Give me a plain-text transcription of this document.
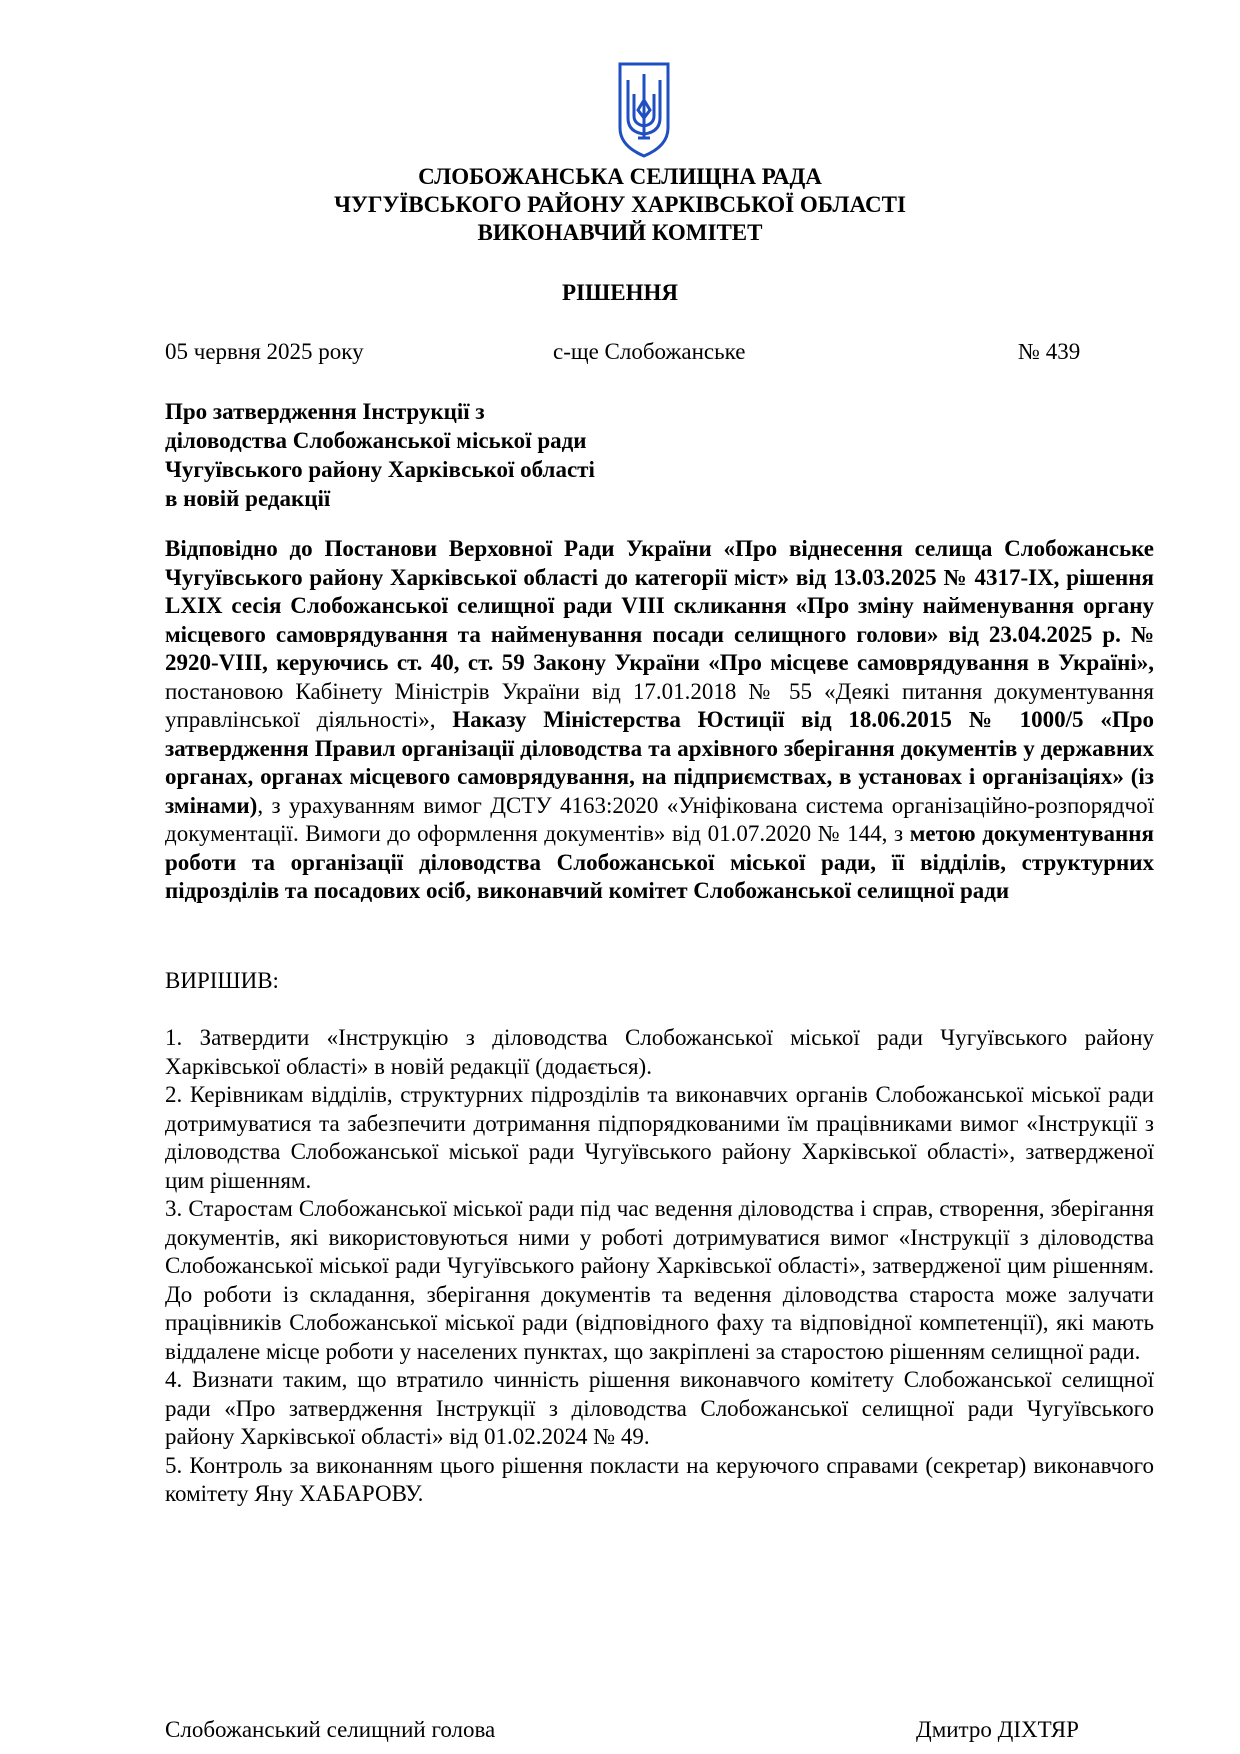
СЛОБОЖАНСЬКА СЕЛИЩНА РАДА
ЧУГУЇВСЬКОГО РАЙОНУ ХАРКІВСЬКОЇ ОБЛАСТІ
ВИКОНАВЧИЙ КОМІТЕТ
РІШЕННЯ
05 червня 2025 року	с-ще Слобожанське	№ 439
Про затвердження Інструкції з
діловодства Слобожанської міської ради
Чугуївського району Харківської області
в новій редакції

Відповідно до Постанови Верховної Ради України «Про віднесення селища Слобожанське Чугуївського району Харківської області до категорії міст» від 13.03.2025 № 4317-IX, рішення LXIX сесія Слобожанської селищної ради VIII скликання «Про зміну найменування органу місцевого самоврядування та найменування посади селищного голови» від 23.04.2025 р. № 2920-VIII, керуючись ст. 40, ст. 59 Закону України «Про місцеве самоврядування в Україні», постановою Кабінету Міністрів України від 17.01.2018 № 55 «Деякі питання документування управлінської діяльності», Наказу Міністерства Юстиції від 18.06.2015 № 1000/5 «Про затвердження Правил організації діловодства та архівного зберігання документів у державних органах, органах місцевого самоврядування, на підприємствах, в установах і організаціях» (із змінами), з урахуванням вимог ДСТУ 4163:2020 «Уніфікована система організаційно-розпорядчої документації. Вимоги до оформлення документів» від 01.07.2020 № 144, з метою документування роботи та організації діловодства Слобожанської міської ради, її відділів, структурних підрозділів та посадових осіб, виконавчий комітет Слобожанської селищної ради

ВИРІШИВ:

1. Затвердити «Інструкцію з діловодства Слобожанської міської ради Чугуївського району Харківської області» в новій редакції (додається).

2. Керівникам відділів, структурних підрозділів та виконавчих органів Слобожанської міської ради дотримуватися та забезпечити дотримання підпорядкованими їм працівниками вимог «Інструкції з діловодства Слобожанської міської ради Чугуївського району Харківської області», затвердженої цим рішенням.

3. Старостам Слобожанської міської ради під час ведення діловодства і справ, створення, зберігання документів, які використовуються ними у роботі дотримуватися вимог «Інструкції з діловодства Слобожанської міської ради Чугуївського району Харківської області», затвердженої цим рішенням. До роботи із складання, зберігання документів та ведення діловодства староста може залучати працівників Слобожанської міської ради (відповідного фаху та відповідної компетенції), які мають віддалене місце роботи у населених пунктах, що закріплені за старостою рішенням селищної ради.

4. Визнати таким, що втратило чинність рішення виконавчого комітету Слобожанської селищної ради «Про затвердження Інструкції з діловодства Слобожанської селищної ради Чугуївського району Харківської області» від 01.02.2024 № 49.

5. Контроль за виконанням цього рішення покласти на керуючого справами (секретар) виконавчого комітету Яну ХАБАРОВУ.

Слобожанський селищний голова	Дмитро ДІХТЯР
